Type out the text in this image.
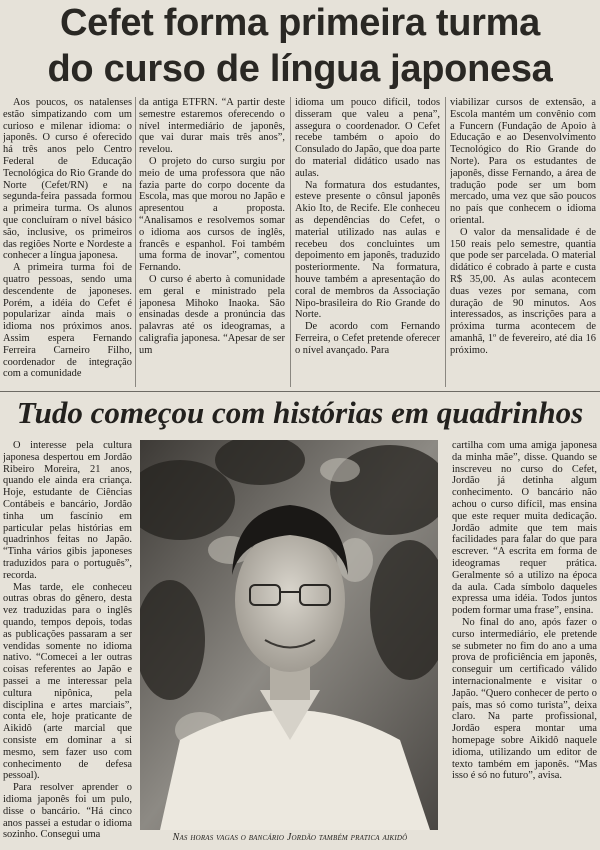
Cefet forma primeira turma
do curso de língua japonesa

Aos poucos, os natalenses estão simpatizando com um curioso e milenar idioma: o japonês. O curso é oferecido há três anos pelo Centro Federal de Educação Tecnológica do Rio Grande do Norte (Cefet/RN) e na segunda-feira passada formou a primeira turma. Os alunos que concluíram o nível básico são, inclusive, os primeiros das regiões Norte e Nordeste a conhecer a língua japonesa.

A primeira turma foi de quatro pessoas, sendo uma descendente de japoneses. Porém, a idéia do Cefet é popularizar ainda mais o idioma nos próximos anos. Assim espera Fernando Ferreira Carneiro Filho, coordenador de integração com a comunidade

da antiga ETFRN. “A partir deste semestre estaremos oferecendo o nível intermediário de japonês, que vai durar mais três anos”, revelou.

O projeto do curso surgiu por meio de uma professora que não fazia parte do corpo docente da Escola, mas que morou no Japão e apresentou a proposta. “Analisamos e resolvemos somar o idioma aos cursos de inglês, francês e espanhol. Foi também uma forma de inovar”, comentou Fernando.

O curso é aberto à comunidade em geral e ministrado pela japonesa Mihoko Inaoka. São ensinadas desde a pronúncia das palavras até os ideogramas, a caligrafia japonesa. “Apesar de ser um

idioma um pouco difícil, todos disseram que valeu a pena”, assegura o coordenador. O Cefet recebe também o apoio do Consulado do Japão, que doa parte do material didático usado nas aulas.

Na formatura dos estudantes, esteve presente o cônsul japonês Akio Ito, de Recife. Ele conheceu as dependências do Cefet, o material utilizado nas aulas e recebeu dos concluintes um depoimento em japonês, traduzido posteriormente. Na formatura, houve também a apresentação do coral de membros da Associação Nipo-brasileira do Rio Grande do Norte.

De acordo com Fernando Ferreira, o Cefet pretende oferecer o nível avançado. Para

viabilizar cursos de extensão, a Escola mantém um convênio com a Funcern (Fundação de Apoio à Educação e ao Desenvolvimento Tecnológico do Rio Grande do Norte). Para os estudantes de japonês, disse Fernando, a área de tradução pode ser um bom mercado, uma vez que são poucos no país que conhecem o idioma oriental.

O valor da mensalidade é de 150 reais pelo semestre, quantia que pode ser parcelada. O material didático é cobrado à parte e custa R$ 35,00. As aulas acontecem duas vezes por semana, com duração de 90 minutos. Aos interessados, as inscrições para a próxima turma acontecem de amanhã, 1º de fevereiro, até dia 16 próximo.

Tudo começou com histórias em quadrinhos

O interesse pela cultura japonesa despertou em Jordão Ribeiro Moreira, 21 anos, quando ele ainda era criança. Hoje, estudante de Ciências Contábeis e bancário, Jordão tinha um fascínio em particular pelas histórias em quadrinhos feitas no Japão. “Tinha vários gibis japoneses traduzidos para o português”, recorda.

Mas tarde, ele conheceu outras obras do gênero, desta vez traduzidas para o inglês quando, tempos depois, todas as publicações passaram a ser vendidas somente no idioma nativo. “Comecei a ler outras coisas referentes ao Japão e passei a me interessar pela cultura nipônica, pela disciplina e artes marciais”, conta ele, hoje praticante de Aikidô (arte marcial que consiste em dominar a si mesmo, sem fazer uso com conhecimento de defesa pessoal).

Para resolver aprender o idioma japonês foi um pulo, disse o bancário. “Há cinco anos passei a estudar o idioma sozinho. Consegui uma	Nas horas vagas o bancário Jordão também pratica aikidô

cartilha com uma amiga japonesa da minha mãe”, disse. Quando se inscreveu no curso do Cefet, Jordão já detinha algum conhecimento. O bancário não achou o curso difícil, mas ensina que este requer muita dedicação. Jordão admite que tem mais facilidades para falar do que para escrever. “A escrita em forma de ideogramas requer prática. Geralmente só a utilizo na época da aula. Cada símbolo daqueles expressa uma idéia. Todos juntos podem formar uma frase”, ensina.

No final do ano, após fazer o curso intermediário, ele pretende se submeter no fim do ano a uma prova de proficiência em japonês, conseguir um certificado válido internacionalmente e visitar o Japão. “Quero conhecer de perto o país, mas só como turista”, deixa claro. Na parte profissional, Jordão espera montar uma homepage sobre Aikidô naquele idioma, utilizando um editor de texto também em japonês. “Mas isso é só no futuro”, avisa.
